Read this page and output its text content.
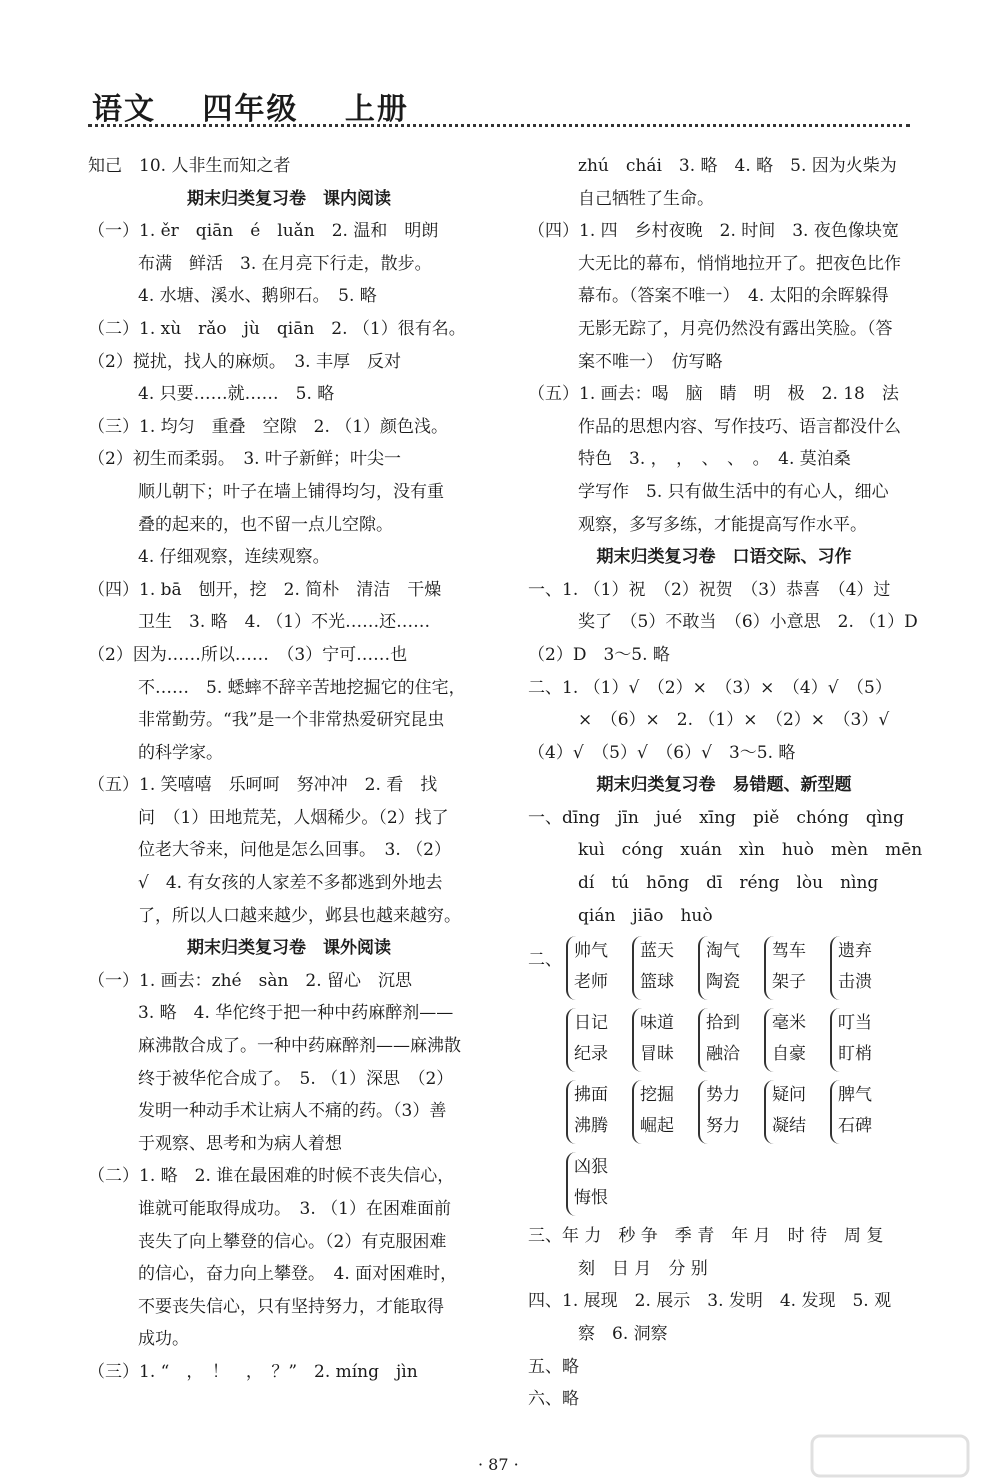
语文 四年级 上册
知己　10. 人非生而知之者
期末归类复习卷　课内阅读
（一）1. ěr　qiān　é　luǎn　2. 温和　明朗
布满　鲜活　3. 在月亮下行走，散步。
4. 水塘、溪水、鹅卵石。　5. 略
（二）1. xù　rǎo　jù　qiān　2. （1）很有名。
（2）搅扰，找人的麻烦。　3. 丰厚　反对
4. 只要……就……　5. 略
（三）1. 均匀　重叠　空隙　2. （1）颜色浅。
（2）初生而柔弱。　3. 叶子新鲜；叶尖一
顺儿朝下；叶子在墙上铺得均匀，没有重
叠的起来的，也不留一点儿空隙。
4. 仔细观察，连续观察。
（四）1. bā　刨开，挖　2. 简朴　清洁　干燥
卫生　3. 略　4. （1）不光……还……
（2）因为……所以……　（3）宁可……也
不……　5. 蟋蟀不辞辛苦地挖掘它的住宅，
非常勤劳。“我”是一个非常热爱研究昆虫
的科学家。
（五）1. 笑嘻嘻　乐呵呵　努冲冲　2. 看　找
问　（1）田地荒芜，人烟稀少。（2）找了
位老大爷来，问他是怎么回事。　3. （2）
√　4. 有女孩的人家差不多都逃到外地去
了，所以人口越来越少，邺县也越来越穷。
期末归类复习卷　课外阅读
（一）1. 画去：zhé　sàn　2. 留心　沉思
3. 略　4. 华佗终于把一种中药麻醉剂——
麻沸散合成了。一种中药麻醉剂——麻沸散
终于被华佗合成了。　5. （1）深思　（2）
发明一种动手术让病人不痛的药。（3）善
于观察、思考和为病人着想
（二）1. 略　2. 谁在最困难的时候不丧失信心，
谁就可能取得成功。　3. （1）在困难面前
丧失了向上攀登的信心。（2）有克服困难
的信心，奋力向上攀登。　4. 面对困难时，
不要丧失信心，只有坚持努力，才能取得
成功。
（三）1. “　，　！　，　？”　2. míng　jìn
zhú　chái　3. 略　4. 略　5. 因为火柴为
自己牺牲了生命。
（四）1. 四　乡村夜晚　2. 时间　3. 夜色像块宽
大无比的幕布，悄悄地拉开了。把夜色比作
幕布。（答案不唯一）　4. 太阳的余晖躲得
无影无踪了，月亮仍然没有露出笑脸。（答
案不唯一）　仿写略
（五）1. 画去：喝　脑　睛　明　极　2. 18　法
作品的思想内容、写作技巧、语言都没什么
特色　3. ，　，　、　、　。　4. 莫泊桑
学写作　5. 只有做生活中的有心人，细心
观察，多写多练，才能提高写作水平。
期末归类复习卷　口语交际、习作
一、1. （1）祝　（2）祝贺　（3）恭喜　（4）过
奖了　（5）不敢当　（6）小意思　2. （1）D
（2）D　3～5. 略
二、1. （1）√　（2）×　（3）×　（4）√　（5）
×　（6）×　2. （1）×　（2）×　（3）√
（4）√　（5）√　（6）√　3～5. 略
期末归类复习卷　易错题、新型题
一、dīng　jīn　jué　xīng　piě　chóng　qìng
kuì　cóng　xuán　xìn　huò　mèn　mēn
dí　tú　hōng　dī　réng　lòu　nìng
qián　jiāo　huò
二、 帅气
老师
蓝天
篮球
淘气
陶瓷
驾车
架子
遗弃
击溃
日记
纪录
味道
冒昧
拾到
融洽
毫米
自豪
叮当
盯梢
拂面
沸腾
挖掘
崛起
势力
努力
疑问
凝结
脾气
石碑
凶狠
悔恨
三、年 力　秒 争　季 青　年 月　时 待　周 复
刻　日 月　分 别
四、1. 展现　2. 展示　3. 发明　4. 发现　5. 观
察　6. 洞察
五、略
六、略
· 87 ·
